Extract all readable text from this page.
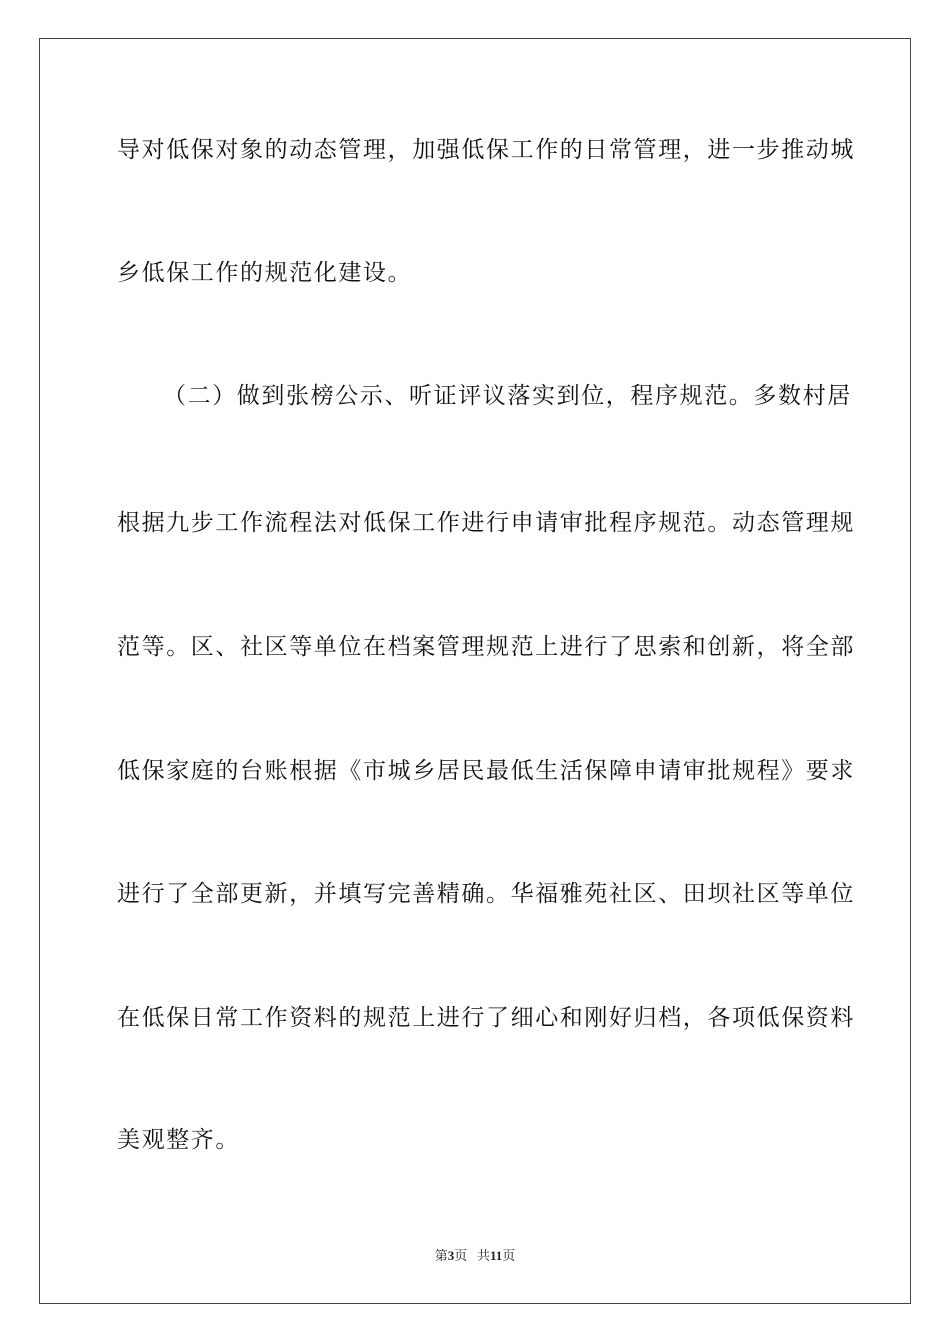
导对低保对象的动态管理，加强低保工作的日常管理，进一步推动城
乡低保工作的规范化建设。
（二）做到张榜公示、听证评议落实到位，程序规范。多数村居
根据九步工作流程法对低保工作进行申请审批程序规范。动态管理规
范等。区、社区等单位在档案管理规范上进行了思索和创新，将全部
低保家庭的台账根据《市城乡居民最低生活保障申请审批规程》要求
进行了全部更新，并填写完善精确。华福雅苑社区、田坝社区等单位
在低保日常工作资料的规范上进行了细心和刚好归档，各项低保资料
美观整齐。
第3页 共11页
